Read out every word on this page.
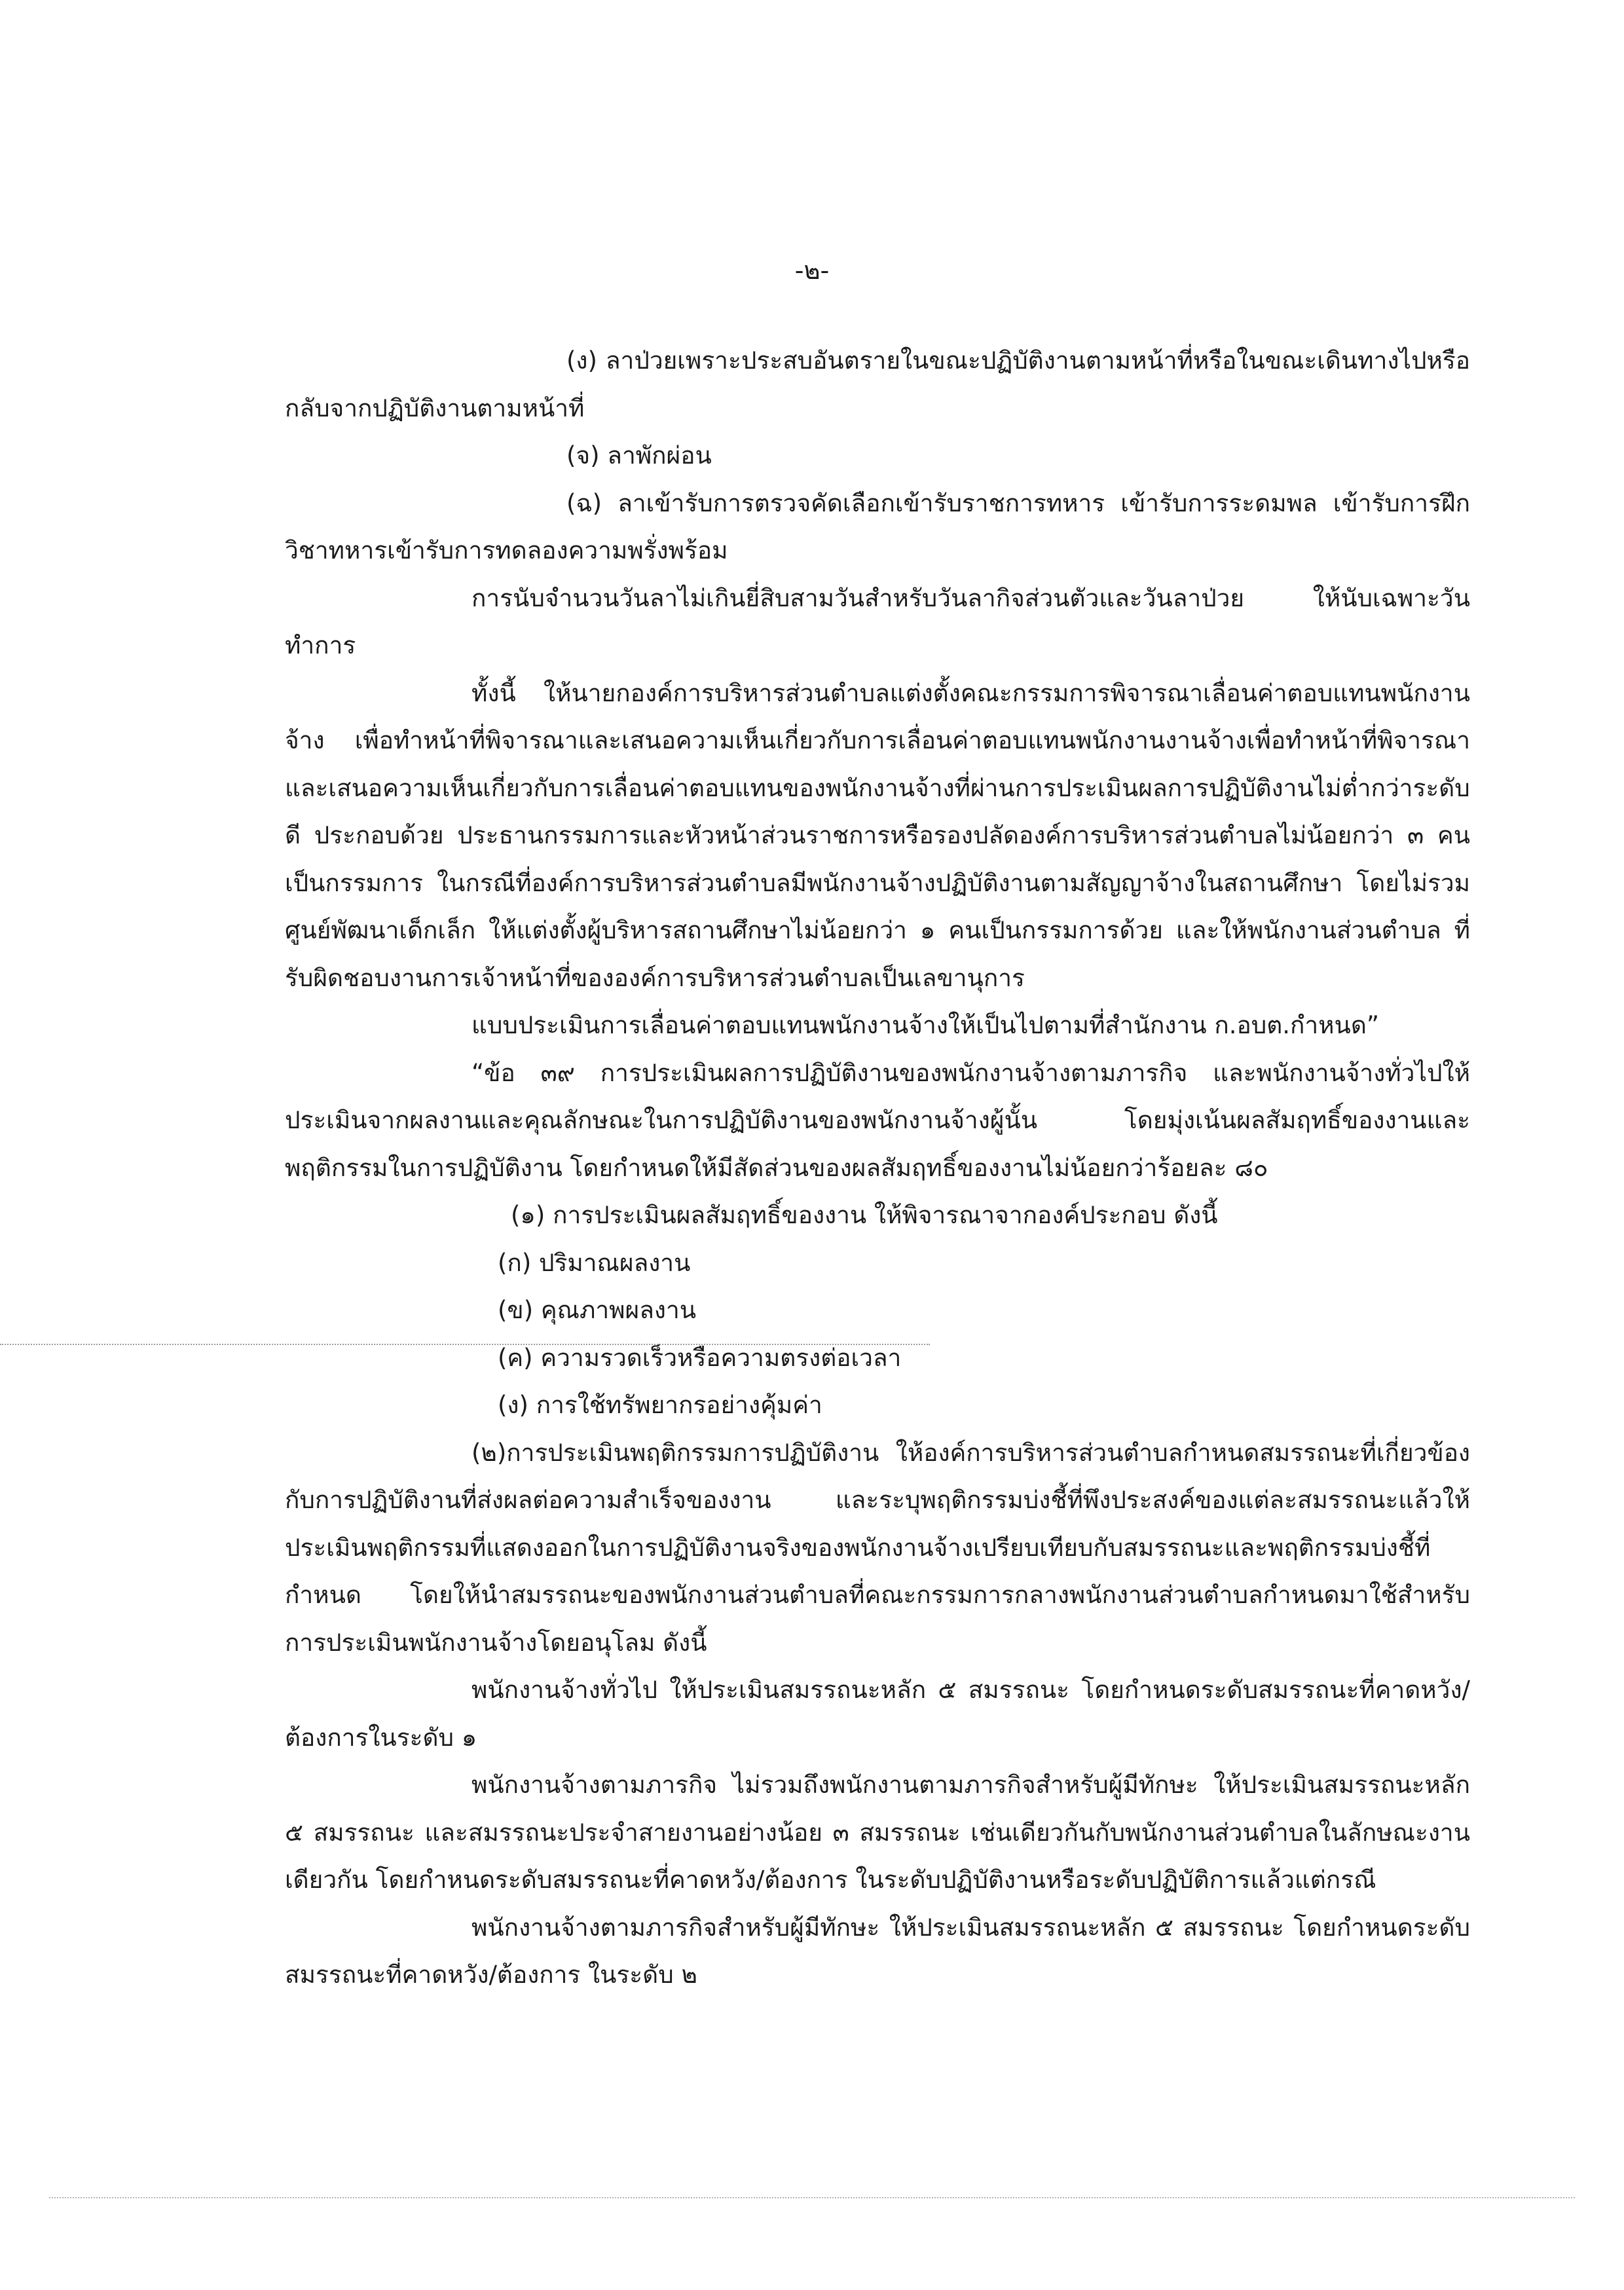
-๒-

(ง) ลาป่วยเพราะประสบอันตรายในขณะปฏิบัติงานตามหน้าที่หรือในขณะเดินทางไปหรือกลับจากปฏิบัติงานตามหน้าที่

(จ) ลาพักผ่อน

(ฉ) ลาเข้ารับการตรวจคัดเลือกเข้ารับราชการทหาร เข้ารับการระดมพล เข้ารับการฝึกวิชาทหารเข้ารับการทดลองความพรั่งพร้อม

การนับจำนวนวันลาไม่เกินยี่สิบสามวันสำหรับวันลากิจส่วนตัวและวันลาป่วย ให้นับเฉพาะวันทำการ

ทั้งนี้ ให้นายกองค์การบริหารส่วนตำบลแต่งตั้งคณะกรรมการพิจารณาเลื่อนค่าตอบแทนพนักงานจ้าง เพื่อทำหน้าที่พิจารณาและเสนอความเห็นเกี่ยวกับการเลื่อนค่าตอบแทนพนักงานงานจ้างเพื่อทำหน้าที่พิจารณาและเสนอความเห็นเกี่ยวกับการเลื่อนค่าตอบแทนของพนักงานจ้างที่ผ่านการประเมินผลการปฏิบัติงานไม่ต่ำกว่าระดับดี ประกอบด้วย ประธานกรรมการและหัวหน้าส่วนราชการหรือรองปลัดองค์การบริหารส่วนตำบลไม่น้อยกว่า ๓ คน เป็นกรรมการ ในกรณีที่องค์การบริหารส่วนตำบลมีพนักงานจ้างปฏิบัติงานตามสัญญาจ้างในสถานศึกษา โดยไม่รวมศูนย์พัฒนาเด็กเล็ก ให้แต่งตั้งผู้บริหารสถานศึกษาไม่น้อยกว่า ๑ คนเป็นกรรมการด้วย และให้พนักงานส่วนตำบล ที่รับผิดชอบงานการเจ้าหน้าที่ขององค์การบริหารส่วนตำบลเป็นเลขานุการ

แบบประเมินการเลื่อนค่าตอบแทนพนักงานจ้างให้เป็นไปตามที่สำนักงาน ก.อบต.กำหนด”

“ข้อ ๓๙ การประเมินผลการปฏิบัติงานของพนักงานจ้างตามภารกิจ และพนักงานจ้างทั่วไปให้ประเมินจากผลงานและคุณลักษณะในการปฏิบัติงานของพนักงานจ้างผู้นั้น โดยมุ่งเน้นผลสัมฤทธิ์ของงานและพฤติกรรมในการปฏิบัติงาน โดยกำหนดให้มีสัดส่วนของผลสัมฤทธิ์ของงานไม่น้อยกว่าร้อยละ ๘๐

(๑) การประเมินผลสัมฤทธิ์ของงาน ให้พิจารณาจากองค์ประกอบ ดังนี้

(ก) ปริมาณผลงาน

(ข) คุณภาพผลงาน

(ค) ความรวดเร็วหรือความตรงต่อเวลา

(ง) การใช้ทรัพยากรอย่างคุ้มค่า

(๒)การประเมินพฤติกรรมการปฏิบัติงาน ให้องค์การบริหารส่วนตำบลกำหนดสมรรถนะที่เกี่ยวข้องกับการปฏิบัติงานที่ส่งผลต่อความสำเร็จของงาน และระบุพฤติกรรมบ่งชี้ที่พึงประสงค์ของแต่ละสมรรถนะแล้วให้ประเมินพฤติกรรมที่แสดงออกในการปฏิบัติงานจริงของพนักงานจ้างเปรียบเทียบกับสมรรถนะและพฤติกรรมบ่งชี้ที่กำหนด โดยให้นำสมรรถนะของพนักงานส่วนตำบลที่คณะกรรมการกลางพนักงานส่วนตำบลกำหนดมาใช้สำหรับการประเมินพนักงานจ้างโดยอนุโลม ดังนี้

พนักงานจ้างทั่วไป ให้ประเมินสมรรถนะหลัก ๕ สมรรถนะ โดยกำหนดระดับสมรรถนะที่คาดหวัง/ต้องการในระดับ ๑

พนักงานจ้างตามภารกิจ ไม่รวมถึงพนักงานตามภารกิจสำหรับผู้มีทักษะ ให้ประเมินสมรรถนะหลัก ๕ สมรรถนะ และสมรรถนะประจำสายงานอย่างน้อย ๓ สมรรถนะ เช่นเดียวกันกับพนักงานส่วนตำบลในลักษณะงานเดียวกัน โดยกำหนดระดับสมรรถนะที่คาดหวัง/ต้องการ ในระดับปฏิบัติงานหรือระดับปฏิบัติการแล้วแต่กรณี

พนักงานจ้างตามภารกิจสำหรับผู้มีทักษะ ให้ประเมินสมรรถนะหลัก ๕ สมรรถนะ โดยกำหนดระดับสมรรถนะที่คาดหวัง/ต้องการ ในระดับ ๒
